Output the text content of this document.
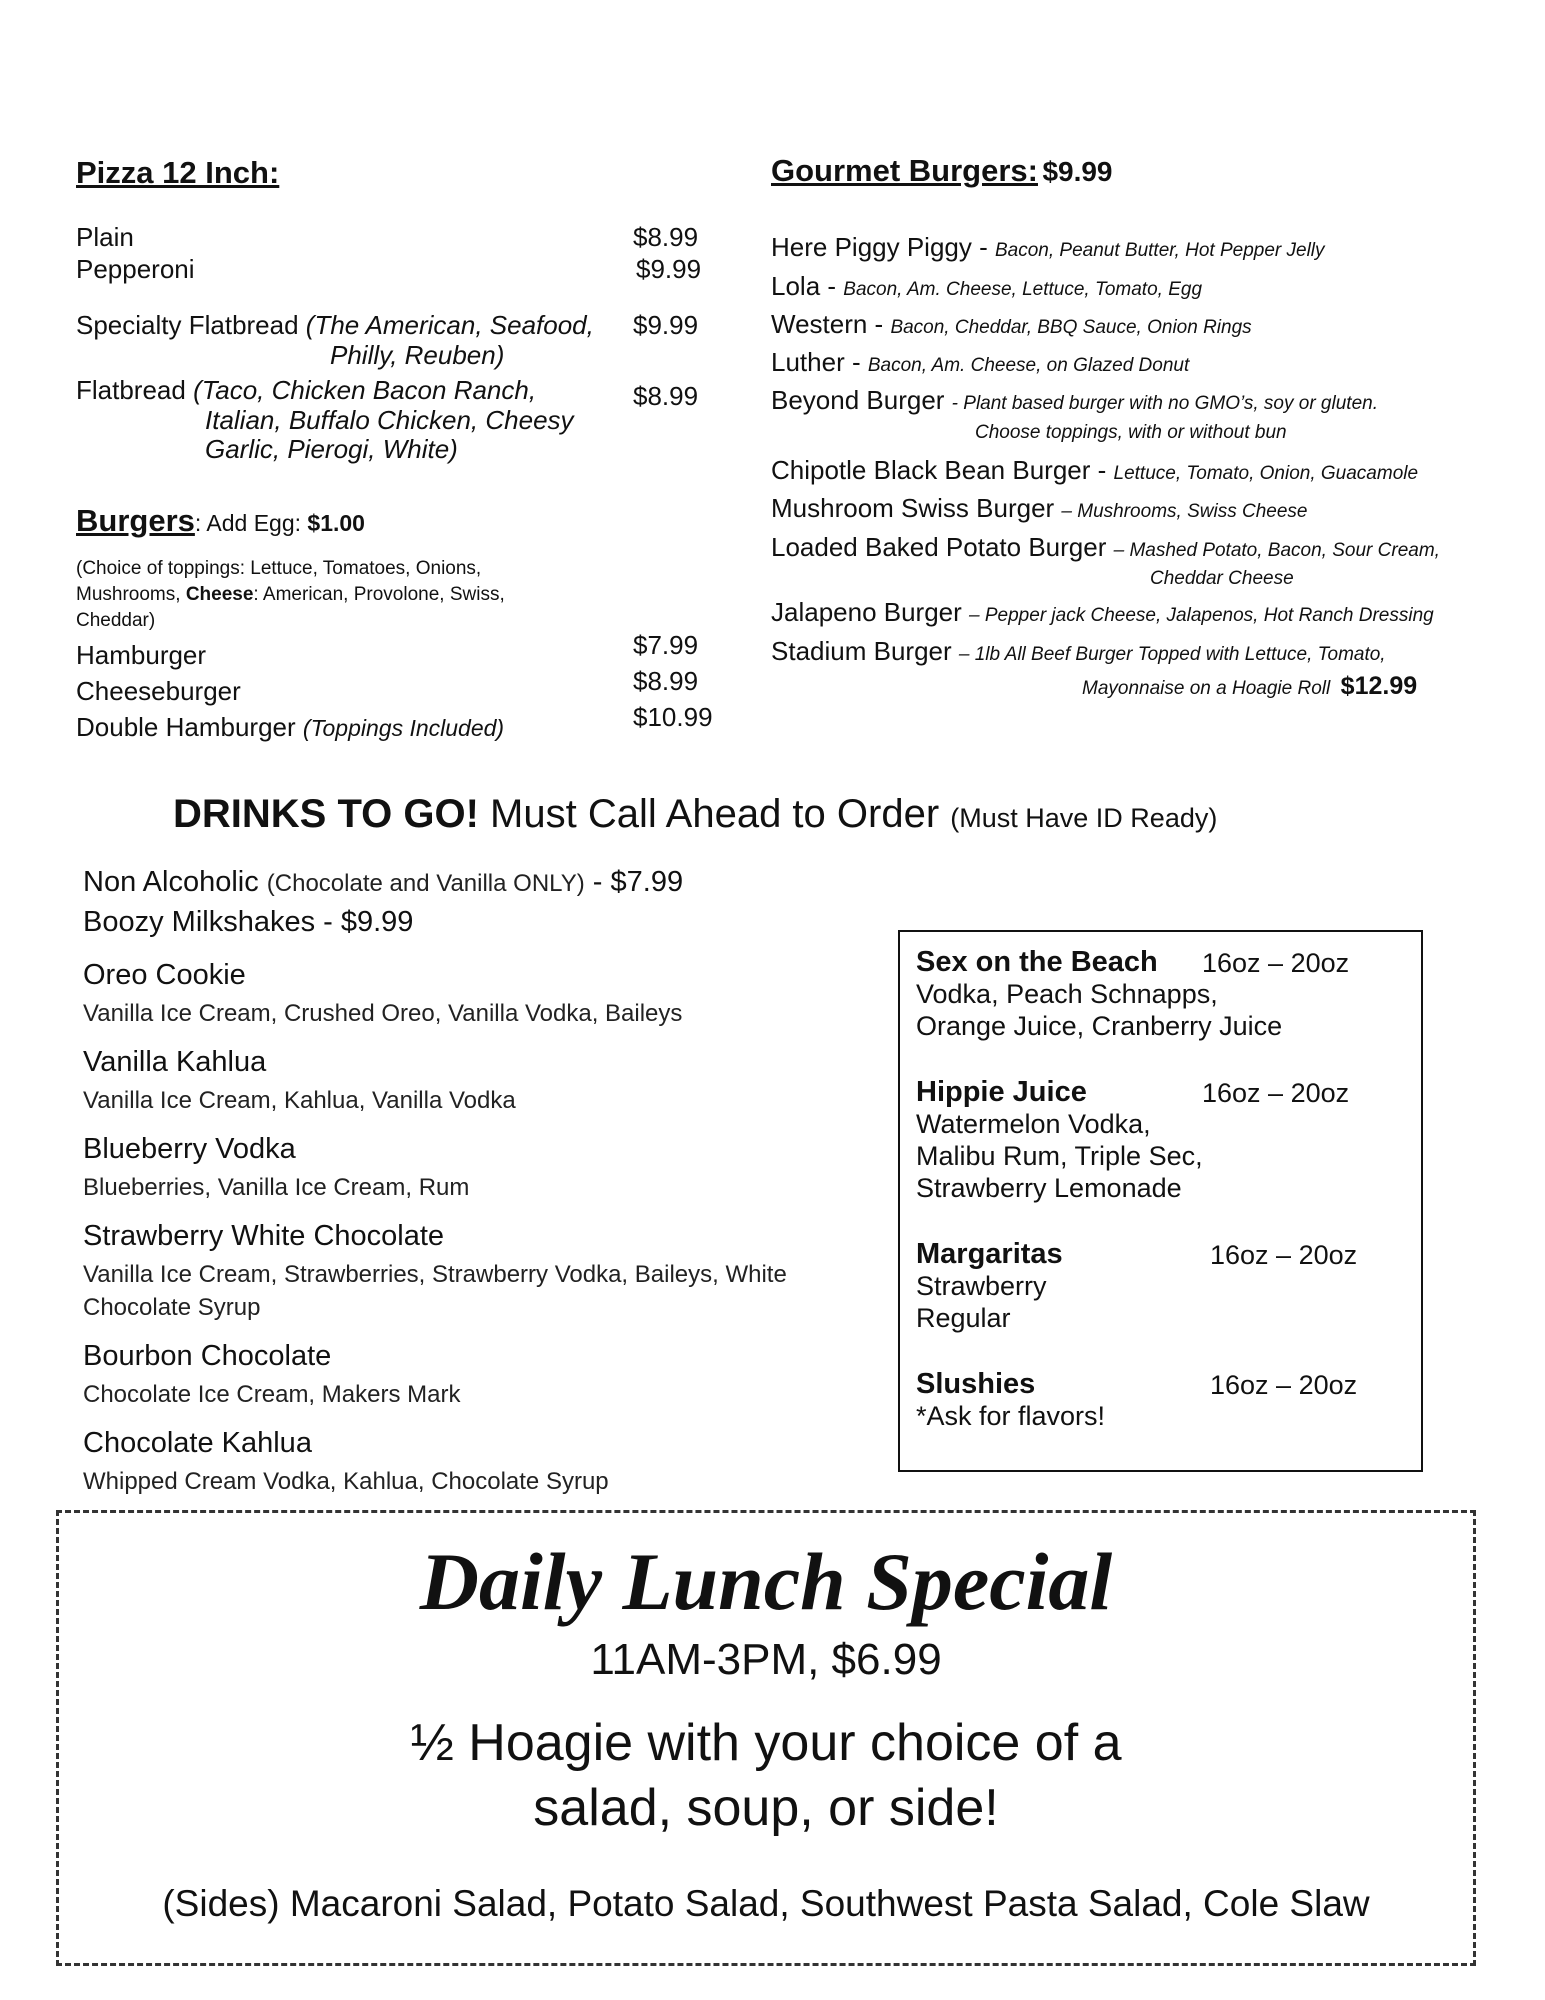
Pizza 12 Inch:
Plain	$8.99
Pepperoni	$9.99
Specialty Flatbread (The American, Seafood,
Philly, Reuben)
$9.99
Flatbread (Taco, Chicken Bacon Ranch,
Italian, Buffalo Chicken, Cheesy
Garlic, Pierogi, White)
$8.99
Burgers: Add Egg: $1.00
(Choice of toppings: Lettuce, Tomatoes, Onions,
Mushrooms, Cheese: American, Provolone, Swiss,
Cheddar)
Hamburger	$7.99
Cheeseburger	$8.99
Double Hamburger (Toppings Included)	$10.99
Gourmet Burgers: $9.99
Here Piggy Piggy - Bacon, Peanut Butter, Hot Pepper Jelly
Lola - Bacon, Am. Cheese, Lettuce, Tomato, Egg
Western - Bacon, Cheddar, BBQ Sauce, Onion Rings
Luther - Bacon, Am. Cheese, on Glazed Donut
Beyond Burger - Plant based burger with no GMO’s, soy or gluten.
Choose toppings, with or without bun
Chipotle Black Bean Burger - Lettuce, Tomato, Onion, Guacamole
Mushroom Swiss Burger – Mushrooms, Swiss Cheese
Loaded Baked Potato Burger – Mashed Potato, Bacon, Sour Cream,
Cheddar Cheese
Jalapeno Burger – Pepper jack Cheese, Jalapenos, Hot Ranch Dressing
Stadium Burger – 1lb All Beef Burger Topped with Lettuce, Tomato,
Mayonnaise on a Hoagie Roll $12.99
DRINKS TO GO! Must Call Ahead to Order (Must Have ID Ready)
Non Alcoholic (Chocolate and Vanilla ONLY) - $7.99
Boozy Milkshakes - $9.99
Oreo Cookie
Vanilla Ice Cream, Crushed Oreo, Vanilla Vodka, Baileys
Vanilla Kahlua
Vanilla Ice Cream, Kahlua, Vanilla Vodka
Blueberry Vodka
Blueberries, Vanilla Ice Cream, Rum
Strawberry White Chocolate
Vanilla Ice Cream, Strawberries, Strawberry Vodka, Baileys, White
Chocolate Syrup
Bourbon Chocolate
Chocolate Ice Cream, Makers Mark
Chocolate Kahlua
Whipped Cream Vodka, Kahlua, Chocolate Syrup
Sex on the Beach 16oz – 20oz
Vodka, Peach Schnapps,
Orange Juice, Cranberry Juice
Hippie Juice	16oz – 20oz
Watermelon Vodka,
Malibu Rum, Triple Sec,
Strawberry Lemonade
Margaritas	16oz – 20oz
Strawberry
Regular
Slushies	16oz – 20oz
*Ask for flavors!
Daily Lunch Special
11AM-3PM, $6.99
½ Hoagie with your choice of a
salad, soup, or side!
(Sides) Macaroni Salad, Potato Salad, Southwest Pasta Salad, Cole Slaw
